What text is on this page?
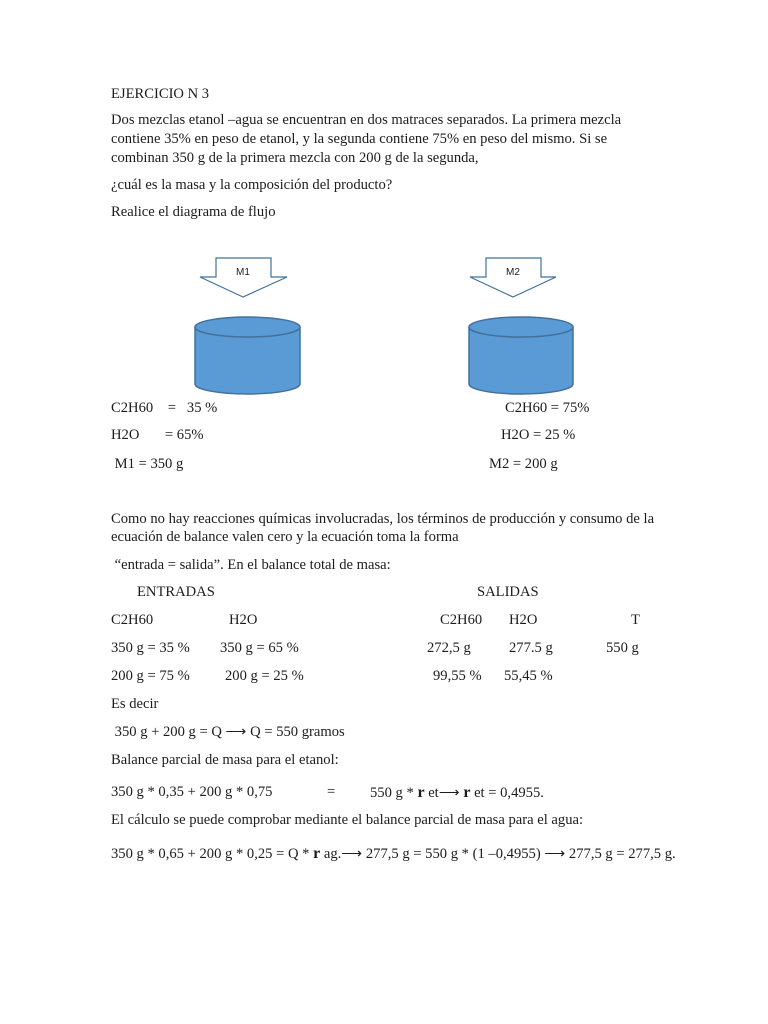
EJERCICIO N 3
Dos mezclas etanol –agua se encuentran en dos matraces separados. La primera mezcla
contiene 35% en peso de etanol, y la segunda contiene 75% en peso del mismo. Si se
combinan 350 g de la primera mezcla con 200 g de la segunda,
¿cuál es la masa y la composición del producto?
Realice el diagrama de flujo
M1	M2
C2H60    =   35 %
H2O       = 65%
M1 = 350 g
C2H60 = 75%
H2O = 25 %
M2 = 200 g
Como no hay reacciones químicas involucradas, los términos de producción y consumo de la
ecuación de balance valen cero y la ecuación toma la forma
“entrada = salida”. En el balance total de masa:
ENTRADAS	SALIDAS
C2H60	H2O	C2H60 H2O	T
350 g = 35 % 350 g = 65 %	272,5 g	277.5 g	550 g
200 g = 75 % 200 g = 25 %	99,55 % 55,45 %
Es decir
350 g + 200 g = Q ⟶ Q = 550 gramos
Balance parcial de masa para el etanol:
350 g * 0,35 + 200 g * 0,75	= 550 g * r et⟶ r et = 0,4955.
El cálculo se puede comprobar mediante el balance parcial de masa para el agua:
350 g * 0,65 + 200 g * 0,25 = Q * r ag.⟶ 277,5 g = 550 g * (1 –0,4955) ⟶ 277,5 g = 277,5 g.
